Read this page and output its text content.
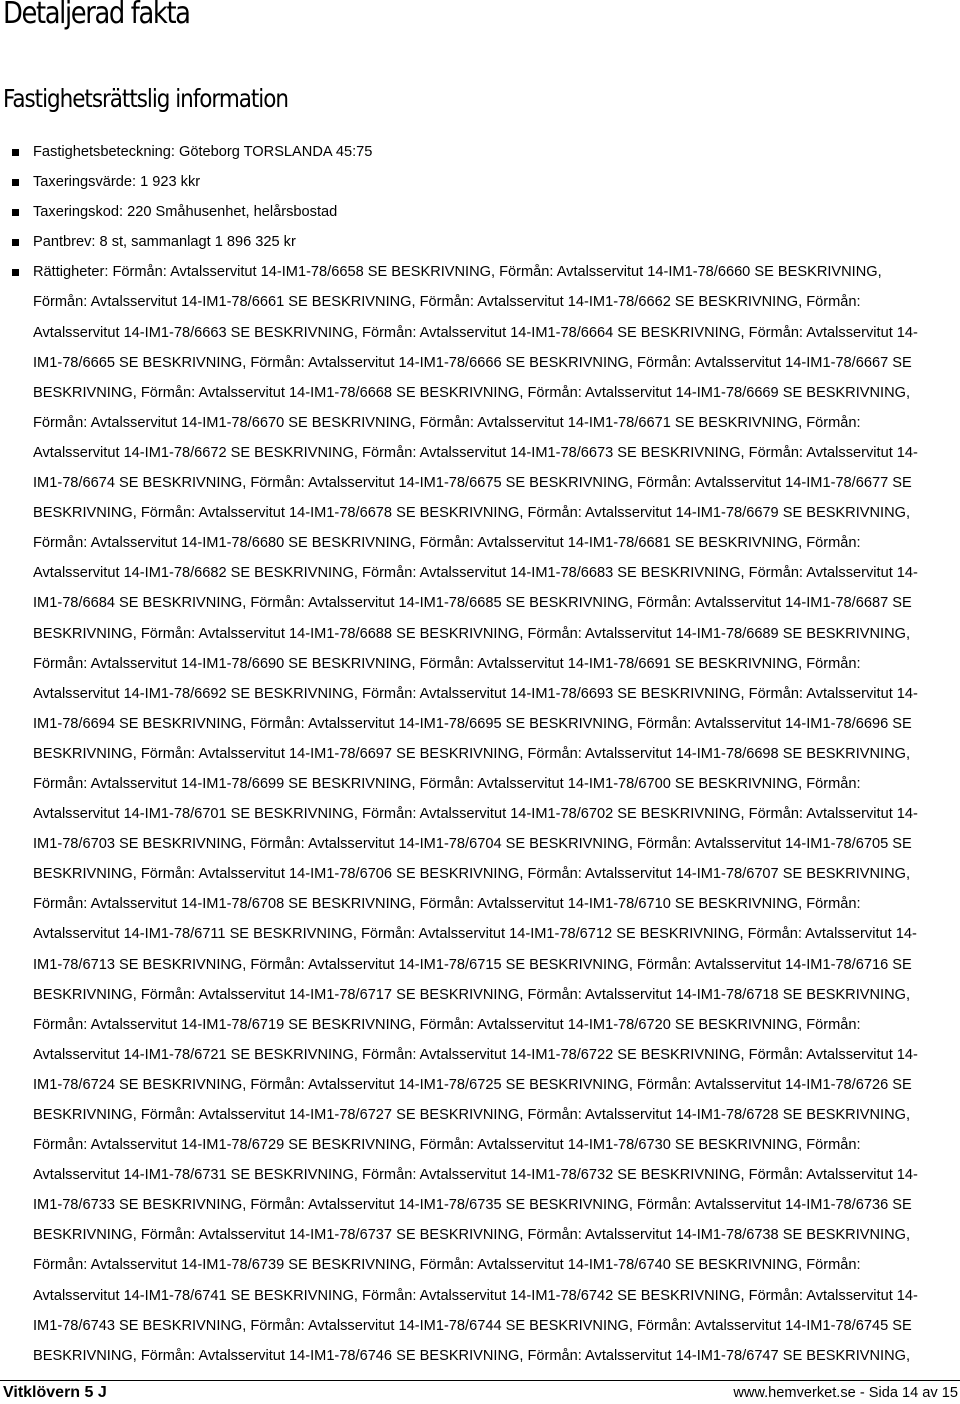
Detaljerad fakta
Fastighetsrättslig information
Fastighetsbeteckning: Göteborg TORSLANDA 45:75
Taxeringsvärde: 1 923 kkr
Taxeringskod: 220 Småhusenhet, helårsbostad
Pantbrev: 8 st, sammanlagt 1 896 325 kr
Rättigheter: Förmån: Avtalsservitut 14-IM1-78/6658 SE BESKRIVNING, Förmån: Avtalsservitut 14-IM1-78/6660 SE BESKRIVNING,
Förmån: Avtalsservitut 14-IM1-78/6661 SE BESKRIVNING, Förmån: Avtalsservitut 14-IM1-78/6662 SE BESKRIVNING, Förmån:
Avtalsservitut 14-IM1-78/6663 SE BESKRIVNING, Förmån: Avtalsservitut 14-IM1-78/6664 SE BESKRIVNING, Förmån: Avtalsservitut 14-
IM1-78/6665 SE BESKRIVNING, Förmån: Avtalsservitut 14-IM1-78/6666 SE BESKRIVNING, Förmån: Avtalsservitut 14-IM1-78/6667 SE
BESKRIVNING, Förmån: Avtalsservitut 14-IM1-78/6668 SE BESKRIVNING, Förmån: Avtalsservitut 14-IM1-78/6669 SE BESKRIVNING,
Förmån: Avtalsservitut 14-IM1-78/6670 SE BESKRIVNING, Förmån: Avtalsservitut 14-IM1-78/6671 SE BESKRIVNING, Förmån:
Avtalsservitut 14-IM1-78/6672 SE BESKRIVNING, Förmån: Avtalsservitut 14-IM1-78/6673 SE BESKRIVNING, Förmån: Avtalsservitut 14-
IM1-78/6674 SE BESKRIVNING, Förmån: Avtalsservitut 14-IM1-78/6675 SE BESKRIVNING, Förmån: Avtalsservitut 14-IM1-78/6677 SE
BESKRIVNING, Förmån: Avtalsservitut 14-IM1-78/6678 SE BESKRIVNING, Förmån: Avtalsservitut 14-IM1-78/6679 SE BESKRIVNING,
Förmån: Avtalsservitut 14-IM1-78/6680 SE BESKRIVNING, Förmån: Avtalsservitut 14-IM1-78/6681 SE BESKRIVNING, Förmån:
Avtalsservitut 14-IM1-78/6682 SE BESKRIVNING, Förmån: Avtalsservitut 14-IM1-78/6683 SE BESKRIVNING, Förmån: Avtalsservitut 14-
IM1-78/6684 SE BESKRIVNING, Förmån: Avtalsservitut 14-IM1-78/6685 SE BESKRIVNING, Förmån: Avtalsservitut 14-IM1-78/6687 SE
BESKRIVNING, Förmån: Avtalsservitut 14-IM1-78/6688 SE BESKRIVNING, Förmån: Avtalsservitut 14-IM1-78/6689 SE BESKRIVNING,
Förmån: Avtalsservitut 14-IM1-78/6690 SE BESKRIVNING, Förmån: Avtalsservitut 14-IM1-78/6691 SE BESKRIVNING, Förmån:
Avtalsservitut 14-IM1-78/6692 SE BESKRIVNING, Förmån: Avtalsservitut 14-IM1-78/6693 SE BESKRIVNING, Förmån: Avtalsservitut 14-
IM1-78/6694 SE BESKRIVNING, Förmån: Avtalsservitut 14-IM1-78/6695 SE BESKRIVNING, Förmån: Avtalsservitut 14-IM1-78/6696 SE
BESKRIVNING, Förmån: Avtalsservitut 14-IM1-78/6697 SE BESKRIVNING, Förmån: Avtalsservitut 14-IM1-78/6698 SE BESKRIVNING,
Förmån: Avtalsservitut 14-IM1-78/6699 SE BESKRIVNING, Förmån: Avtalsservitut 14-IM1-78/6700 SE BESKRIVNING, Förmån:
Avtalsservitut 14-IM1-78/6701 SE BESKRIVNING, Förmån: Avtalsservitut 14-IM1-78/6702 SE BESKRIVNING, Förmån: Avtalsservitut 14-
IM1-78/6703 SE BESKRIVNING, Förmån: Avtalsservitut 14-IM1-78/6704 SE BESKRIVNING, Förmån: Avtalsservitut 14-IM1-78/6705 SE
BESKRIVNING, Förmån: Avtalsservitut 14-IM1-78/6706 SE BESKRIVNING, Förmån: Avtalsservitut 14-IM1-78/6707 SE BESKRIVNING,
Förmån: Avtalsservitut 14-IM1-78/6708 SE BESKRIVNING, Förmån: Avtalsservitut 14-IM1-78/6710 SE BESKRIVNING, Förmån:
Avtalsservitut 14-IM1-78/6711 SE BESKRIVNING, Förmån: Avtalsservitut 14-IM1-78/6712 SE BESKRIVNING, Förmån: Avtalsservitut 14-
IM1-78/6713 SE BESKRIVNING, Förmån: Avtalsservitut 14-IM1-78/6715 SE BESKRIVNING, Förmån: Avtalsservitut 14-IM1-78/6716 SE
BESKRIVNING, Förmån: Avtalsservitut 14-IM1-78/6717 SE BESKRIVNING, Förmån: Avtalsservitut 14-IM1-78/6718 SE BESKRIVNING,
Förmån: Avtalsservitut 14-IM1-78/6719 SE BESKRIVNING, Förmån: Avtalsservitut 14-IM1-78/6720 SE BESKRIVNING, Förmån:
Avtalsservitut 14-IM1-78/6721 SE BESKRIVNING, Förmån: Avtalsservitut 14-IM1-78/6722 SE BESKRIVNING, Förmån: Avtalsservitut 14-
IM1-78/6724 SE BESKRIVNING, Förmån: Avtalsservitut 14-IM1-78/6725 SE BESKRIVNING, Förmån: Avtalsservitut 14-IM1-78/6726 SE
BESKRIVNING, Förmån: Avtalsservitut 14-IM1-78/6727 SE BESKRIVNING, Förmån: Avtalsservitut 14-IM1-78/6728 SE BESKRIVNING,
Förmån: Avtalsservitut 14-IM1-78/6729 SE BESKRIVNING, Förmån: Avtalsservitut 14-IM1-78/6730 SE BESKRIVNING, Förmån:
Avtalsservitut 14-IM1-78/6731 SE BESKRIVNING, Förmån: Avtalsservitut 14-IM1-78/6732 SE BESKRIVNING, Förmån: Avtalsservitut 14-
IM1-78/6733 SE BESKRIVNING, Förmån: Avtalsservitut 14-IM1-78/6735 SE BESKRIVNING, Förmån: Avtalsservitut 14-IM1-78/6736 SE
BESKRIVNING, Förmån: Avtalsservitut 14-IM1-78/6737 SE BESKRIVNING, Förmån: Avtalsservitut 14-IM1-78/6738 SE BESKRIVNING,
Förmån: Avtalsservitut 14-IM1-78/6739 SE BESKRIVNING, Förmån: Avtalsservitut 14-IM1-78/6740 SE BESKRIVNING, Förmån:
Avtalsservitut 14-IM1-78/6741 SE BESKRIVNING, Förmån: Avtalsservitut 14-IM1-78/6742 SE BESKRIVNING, Förmån: Avtalsservitut 14-
IM1-78/6743 SE BESKRIVNING, Förmån: Avtalsservitut 14-IM1-78/6744 SE BESKRIVNING, Förmån: Avtalsservitut 14-IM1-78/6745 SE
BESKRIVNING, Förmån: Avtalsservitut 14-IM1-78/6746 SE BESKRIVNING, Förmån: Avtalsservitut 14-IM1-78/6747 SE BESKRIVNING,
Vitklövern 5 J	www.hemverket.se - Sida 14 av 15
